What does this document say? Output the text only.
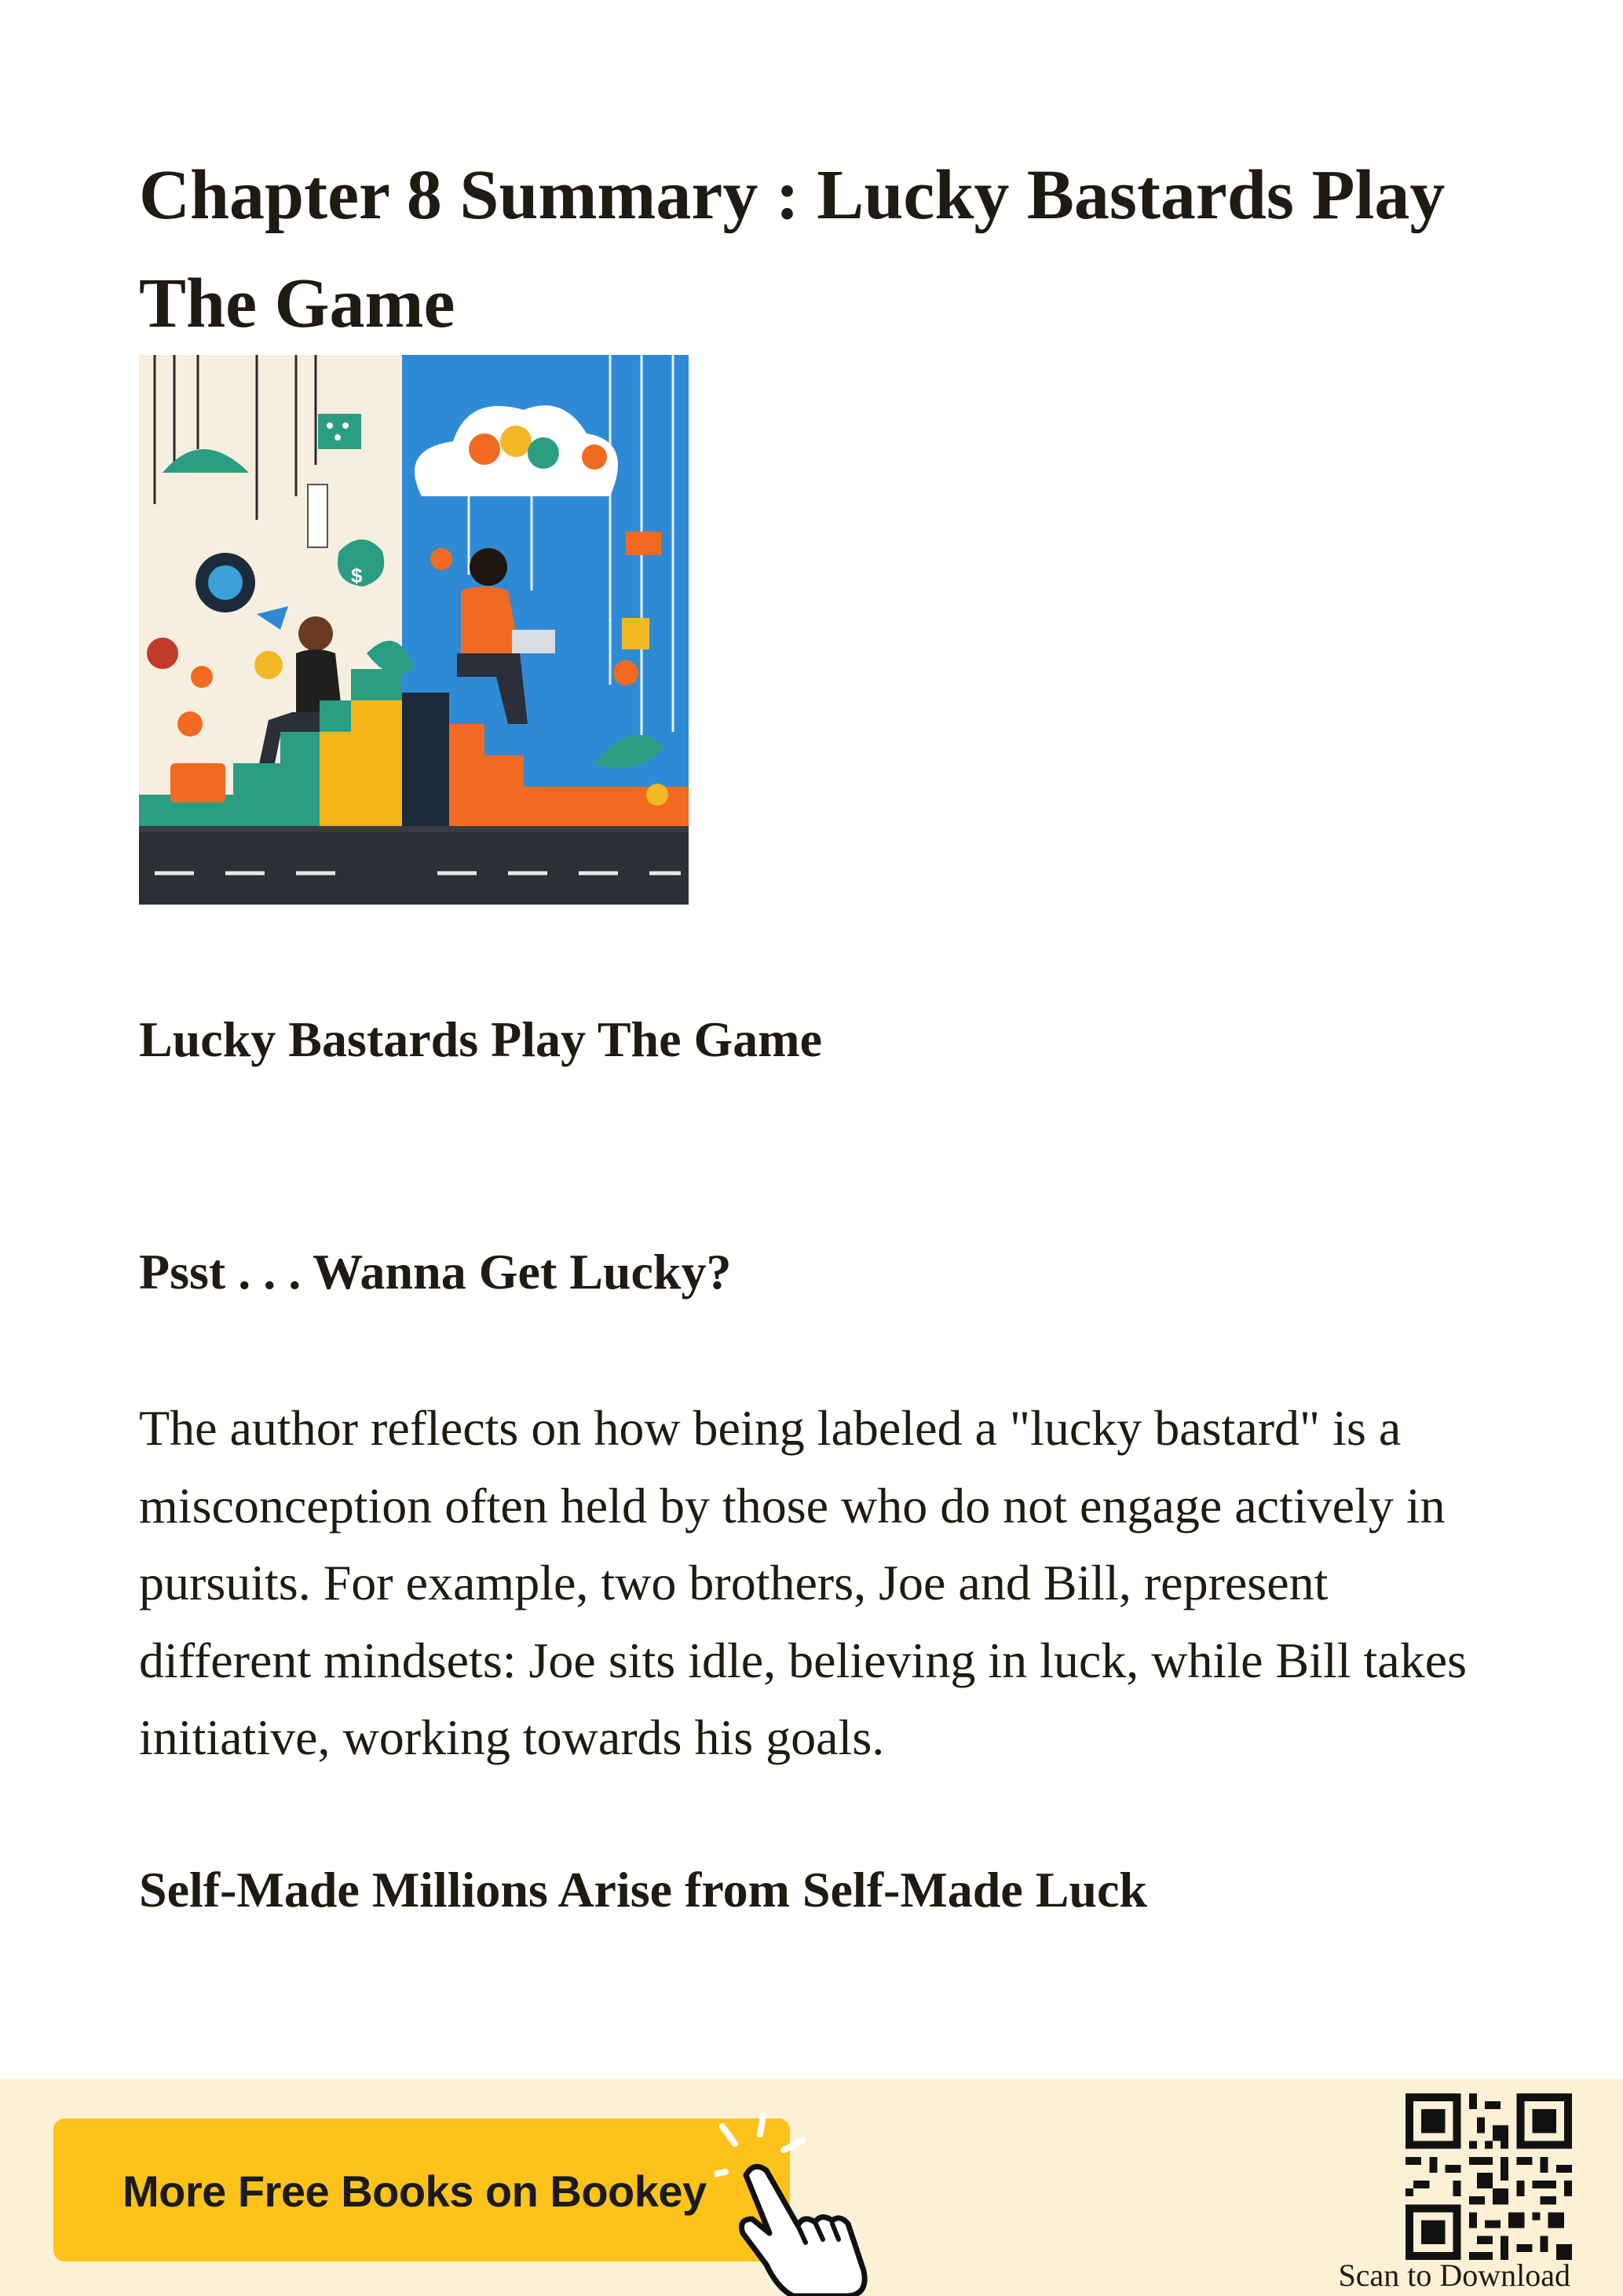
Chapter 8 Summary : Lucky Bastards Play The Game
$
Lucky Bastards Play The Game
Psst . . . Wanna Get Lucky?

The author reflects on how being labeled a "lucky bastard" is a misconception often held by those who do not engage actively in pursuits. For example, two brothers, Joe and Bill, represent different mindsets: Joe sits idle, believing in luck, while Bill takes initiative, working towards his goals.

Self-Made Millions Arise from Self-Made Luck
More Free Books on Bookey
Scan to Download
